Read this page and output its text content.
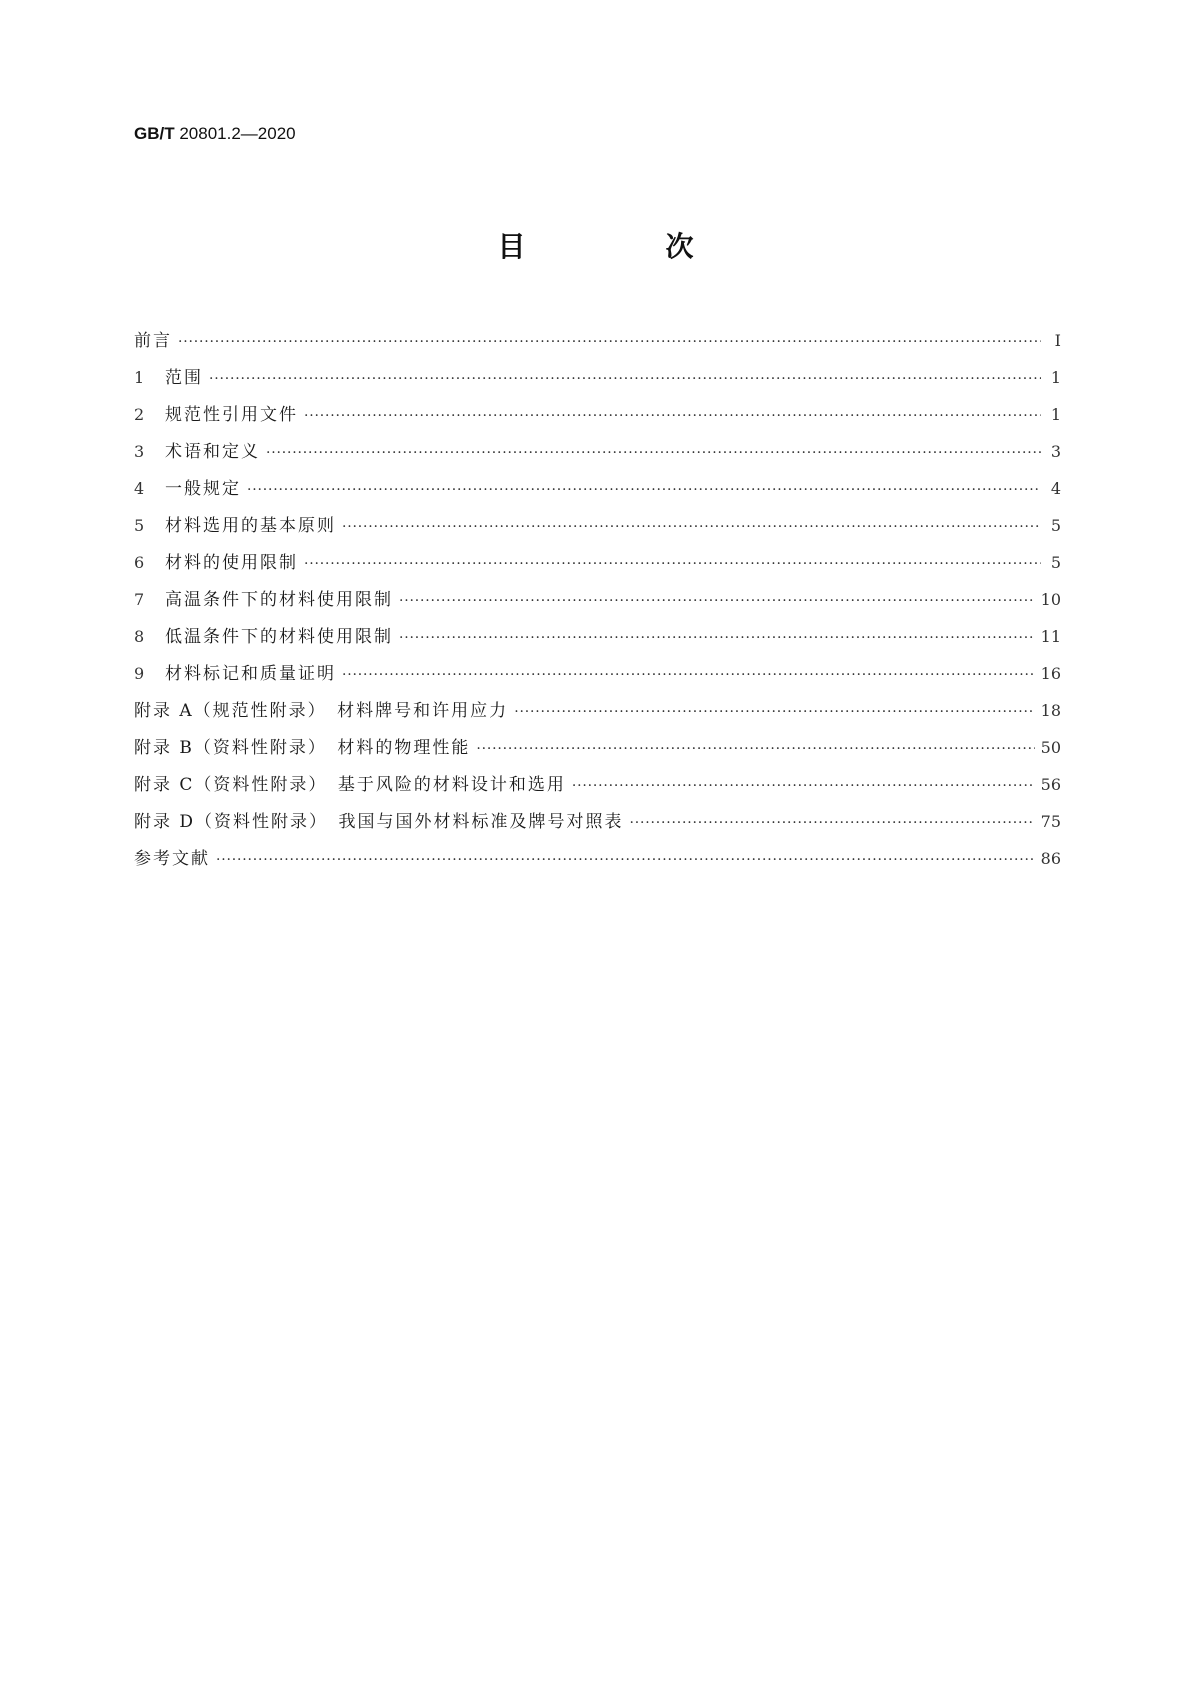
GB/T 20801.2—2020
目　次
前言 ·····	Ⅰ
1	范围 ·····	1
2	规范性引用文件 ·····	1
3	术语和定义 ·····	3
4	一般规定 ·····	4
5	材料选用的基本原则 ·····	5
6	材料的使用限制 ·····	5
7	高温条件下的材料使用限制 ·····	10
8	低温条件下的材料使用限制 ·····	11
9	材料标记和质量证明 ·····	16
附录 A（规范性附录）　材料牌号和许用应力 ·····	18
附录 B（资料性附录）　材料的物理性能 ·····	50
附录 C（资料性附录）　基于风险的材料设计和选用 ·····	56
附录 D（资料性附录）　我国与国外材料标准及牌号对照表 ·····	75
参考文献 ·····	86
